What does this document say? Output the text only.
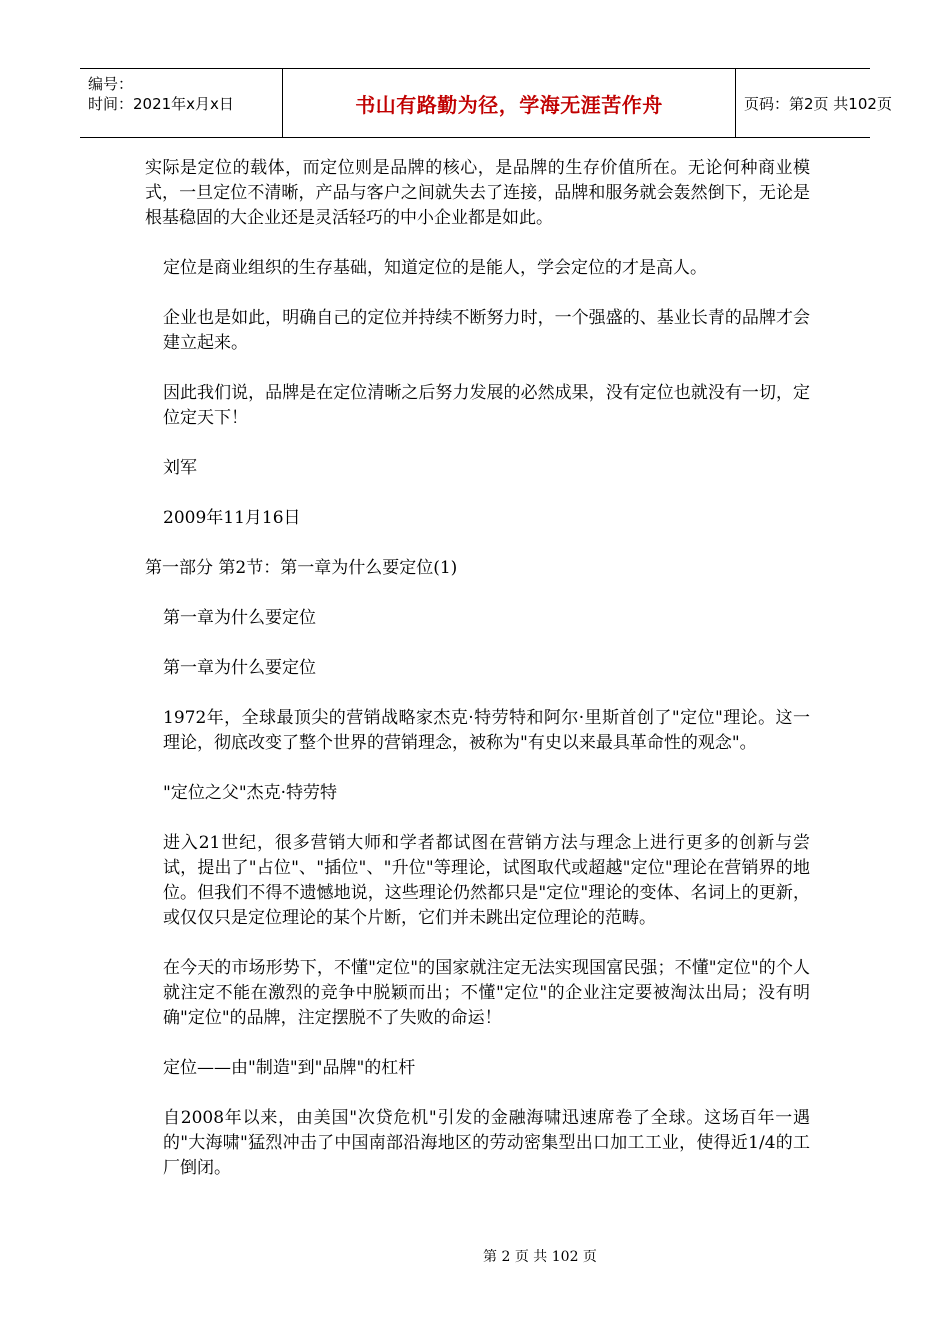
编号：
时间：2021年x月x日	书山有路勤为径，学海无涯苦作舟	页码：第2页 共102页

实际是定位的载体，而定位则是品牌的核心，是品牌的生存价值所在。无论何种商业模式，一旦定位不清晰，产品与客户之间就失去了连接，品牌和服务就会轰然倒下，无论是根基稳固的大企业还是灵活轻巧的中小企业都是如此。

定位是商业组织的生存基础，知道定位的是能人，学会定位的才是高人。

企业也是如此，明确自己的定位并持续不断努力时，一个强盛的、基业长青的品牌才会建立起来。

因此我们说，品牌是在定位清晰之后努力发展的必然成果，没有定位也就没有一切，定位定天下！

刘军

2009年11月16日

第一部分 第2节：第一章为什么要定位(1)

第一章为什么要定位

第一章为什么要定位

1972年，全球最顶尖的营销战略家杰克·特劳特和阿尔·里斯首创了"定位"理论。这一理论，彻底改变了整个世界的营销理念，被称为"有史以来最具革命性的观念"。

"定位之父"杰克·特劳特

进入21世纪，很多营销大师和学者都试图在营销方法与理念上进行更多的创新与尝试，提出了"占位"、"插位"、"升位"等理论，试图取代或超越"定位"理论在营销界的地位。但我们不得不遗憾地说，这些理论仍然都只是"定位"理论的变体、名词上的更新，或仅仅只是定位理论的某个片断，它们并未跳出定位理论的范畴。

在今天的市场形势下，不懂"定位"的国家就注定无法实现国富民强；不懂"定位"的个人就注定不能在激烈的竞争中脱颖而出；不懂"定位"的企业注定要被淘汰出局；没有明确"定位"的品牌，注定摆脱不了失败的命运！

定位——由"制造"到"品牌"的杠杆

自2008年以来，由美国"次贷危机"引发的金融海啸迅速席卷了全球。这场百年一遇的"大海啸"猛烈冲击了中国南部沿海地区的劳动密集型出口加工工业，使得近1/4的工厂倒闭。

第 2 页 共 102 页
